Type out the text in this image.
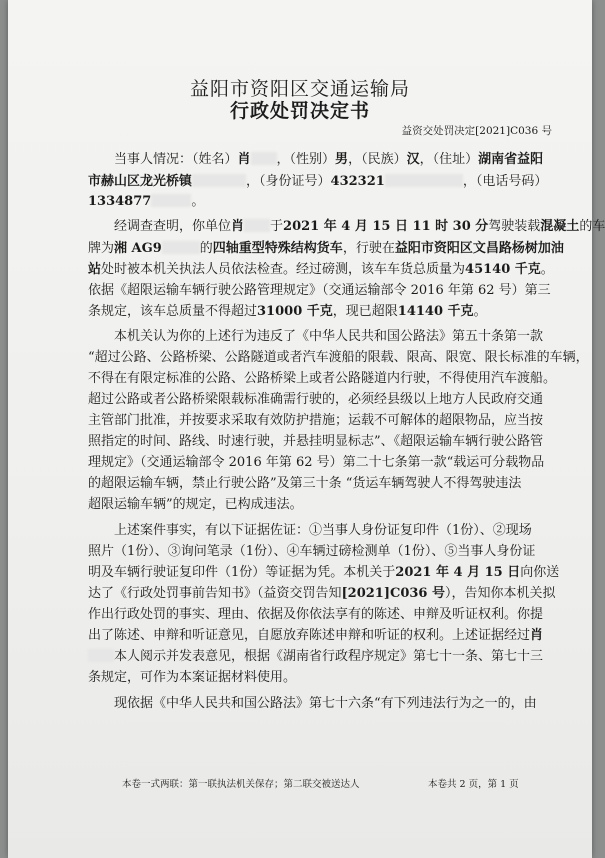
益阳市资阳区交通运输局
行政处罚决定书
益资交处罚决定[2021]C036 号
当事人情况：（姓名）肖 ，（性别）男，（民族）汉，（住址）湖南省益阳
市赫山区龙光桥镇	，（身份证号）432321	，（电话号码）
1334877	。
经调查查明，你单位肖 于2021 年 4 月 15 日 11 时 30 分驾驶装载混凝土的车
牌为湘 AG9	的四轴重型特殊结构货车，行驶在益阳市资阳区文昌路杨树加油
站处时被本机关执法人员依法检查。经过磅测，该车车货总质量为45140 千克。
依据《超限运输车辆行驶公路管理规定》（交通运输部令 2016 年第 62 号）第三
条规定，该车总质量不得超过31000 千克，现已超限14140 千克。
本机关认为你的上述行为违反了《中华人民共和国公路法》第五十条第一款
“超过公路、公路桥梁、公路隧道或者汽车渡船的限载、限高、限宽、限长标准的车辆，
不得在有限定标准的公路、公路桥梁上或者公路隧道内行驶，不得使用汽车渡船。
超过公路或者公路桥梁限载标准确需行驶的，必须经县级以上地方人民政府交通
主管部门批准，并按要求采取有效防护措施；运载不可解体的超限物品，应当按
照指定的时间、路线、时速行驶，并悬挂明显标志”、《超限运输车辆行驶公路管
理规定》（交通运输部令 2016 年第 62 号）第二十七条第一款“载运可分载物品
的超限运输车辆，禁止行驶公路”及第三十条 “货运车辆驾驶人不得驾驶违法
超限运输车辆”的规定，已构成违法。
上述案件事实，有以下证据佐证：①当事人身份证复印件（1份）、②现场
照片（1份）、③询问笔录（1份）、④车辆过磅检测单（1份）、⑤当事人身份证
明及车辆行驶证复印件（1份）等证据为凭。本机关于2021 年 4 月 15 日向你送
达了《行政处罚事前告知书》（益资交罚告知[2021]C036 号），告知你本机关拟
作出行政处罚的事实、理由、依据及你依法享有的陈述、申辩及听证权利。你提
出了陈述、申辩和听证意见，自愿放弃陈述申辩和听证的权利。上述证据经过肖
本人阅示并发表意见，根据《湖南省行政程序规定》第七十一条、第七十三
条规定，可作为本案证据材料使用。
现依据《中华人民共和国公路法》第七十六条“有下列违法行为之一的，由
本卷一式两联：第一联执法机关保存；第二联交被送达人	本卷共 2 页，第 1 页
